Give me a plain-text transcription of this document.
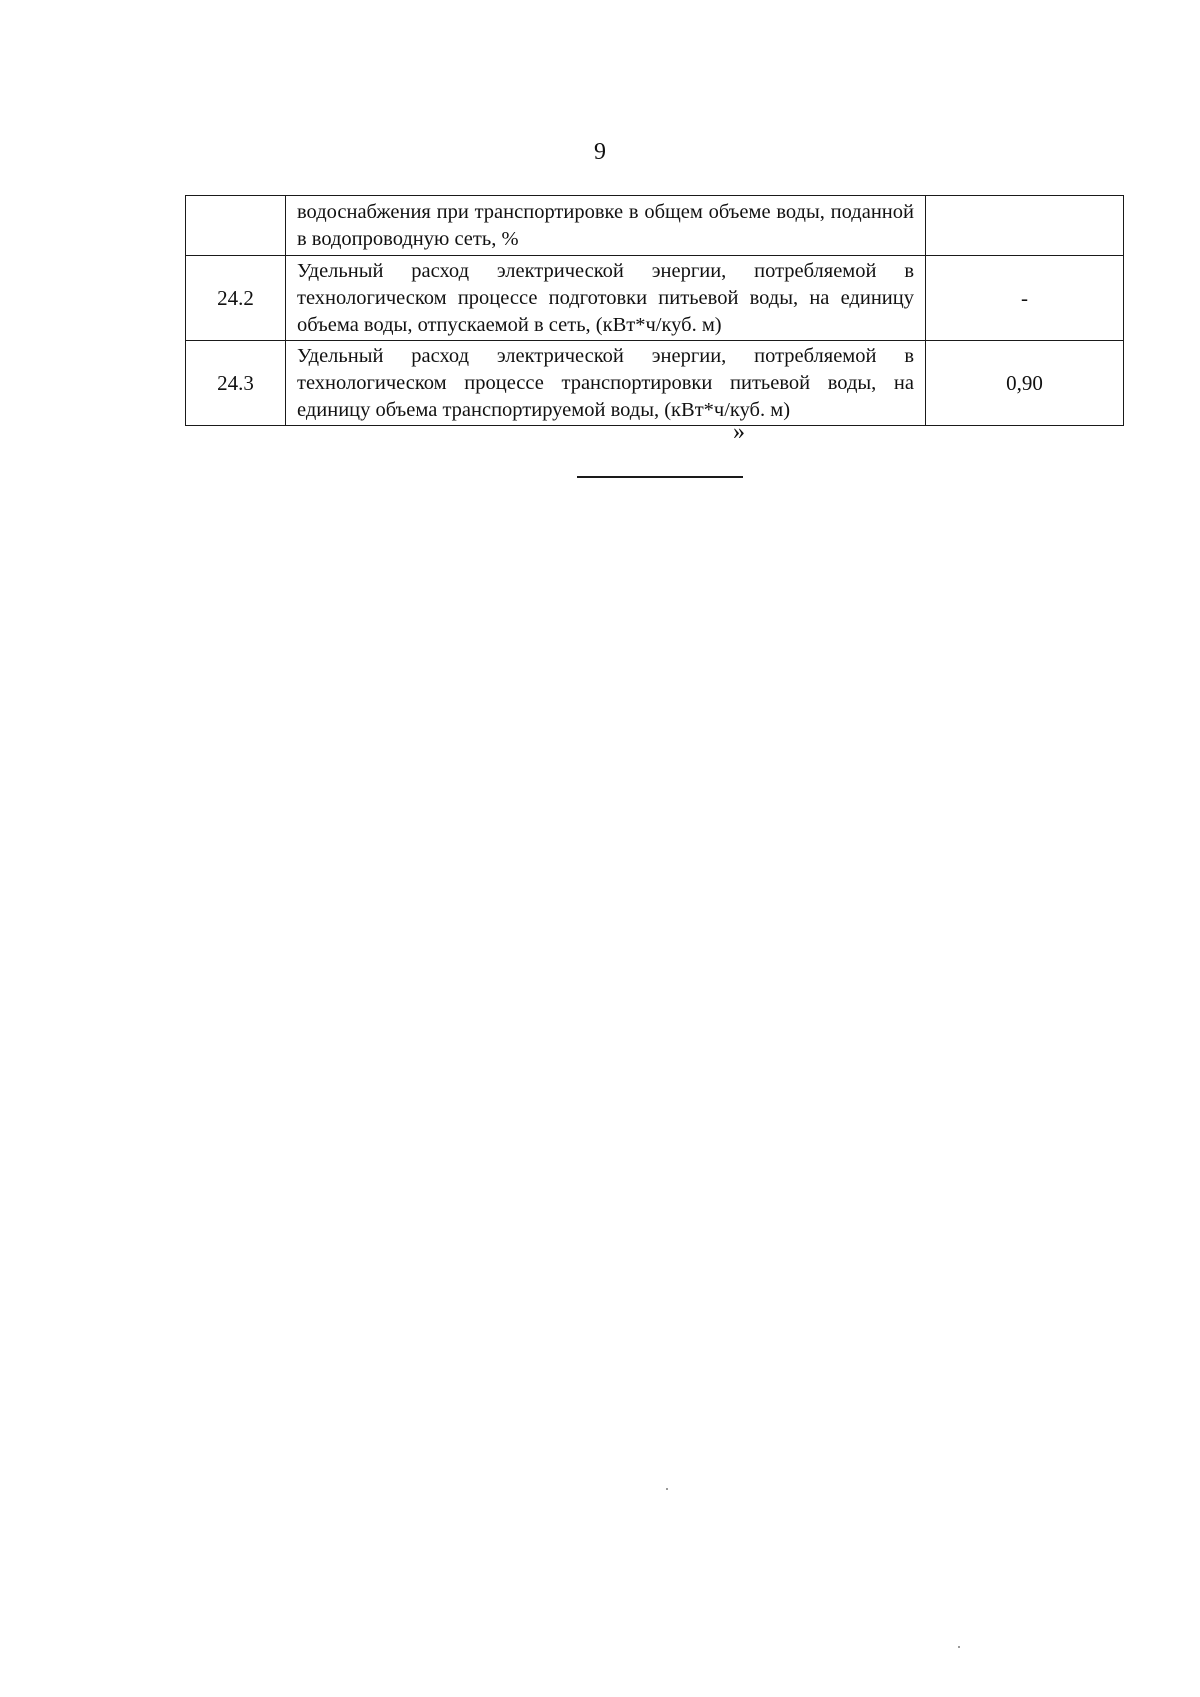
9
	водоснабжения при транспортировке в общем объеме воды, поданной в водопроводную сеть, %	
24.2	Удельный расход электрической энергии, потребляемой в технологическом процессе подготовки питьевой воды, на единицу объема воды, отпускаемой в сеть, (кВт*ч/куб. м)	-
24.3	Удельный расход электрической энергии, потребляемой в технологическом процессе транспортировки питьевой воды, на единицу объема транспортируемой воды, (кВт*ч/куб. м)	0,90
»
